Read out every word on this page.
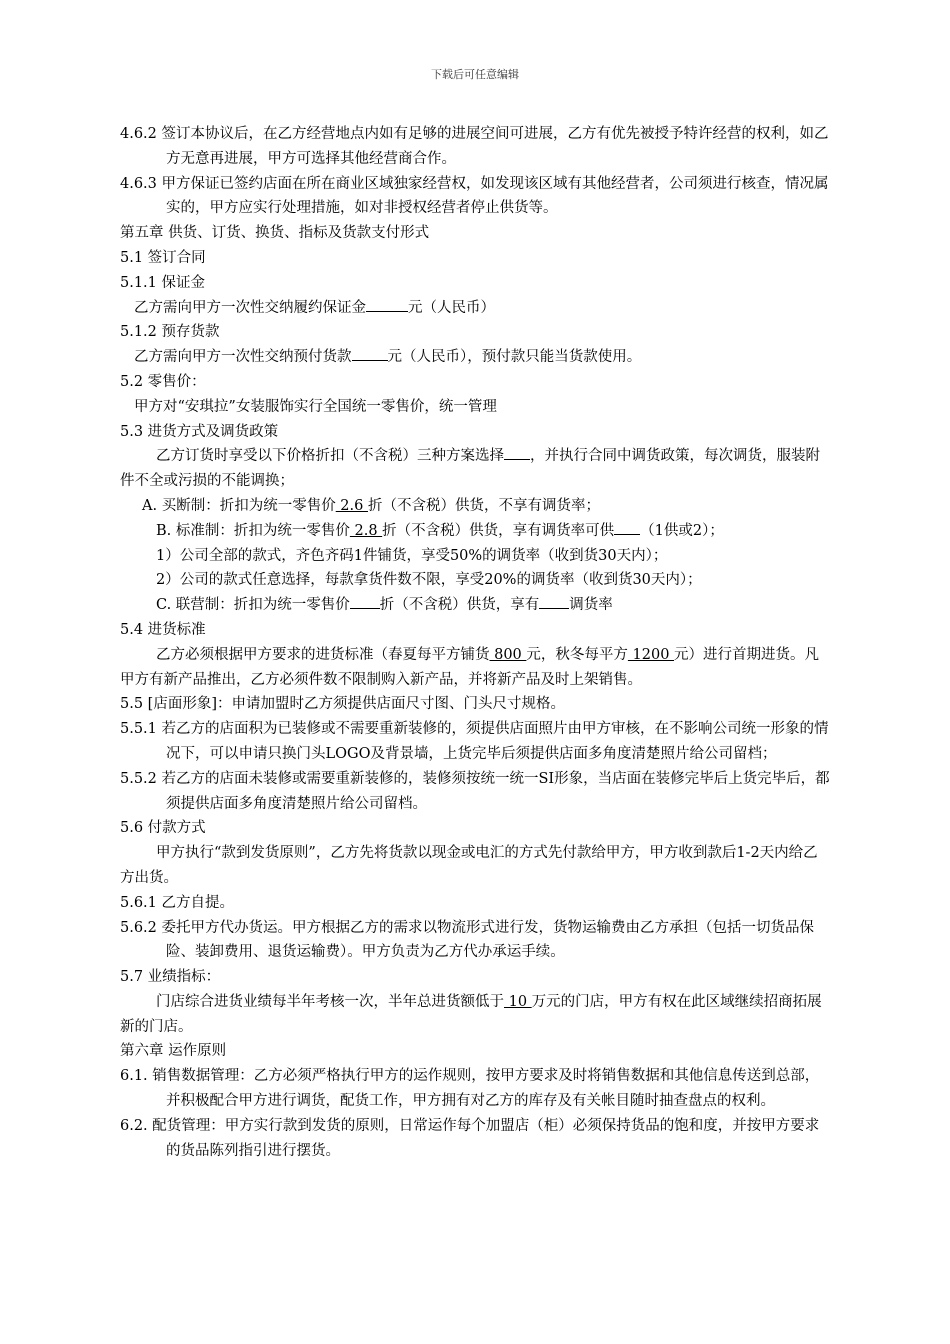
下载后可任意编辑

4.6.2 签订本协议后，在乙方经营地点内如有足够的进展空间可进展，乙方有优先被授予特许经营的权利，如乙方无意再进展，甲方可选择其他经营商合作。

4.6.3 甲方保证已签约店面在所在商业区域独家经营权，如发现该区域有其他经营者，公司须进行核查，情况属实的，甲方应实行处理措施，如对非授权经营者停止供货等。

第五章 供货、订货、换货、指标及货款支付形式

5.1 签订合同

5.1.1 保证金

乙方需向甲方一次性交纳履约保证金	元（人民币）

5.1.2 预存货款

乙方需向甲方一次性交纳预付货款 元（人民币），预付款只能当货款使用。

5.2 零售价：

甲方对“安琪拉”女装服饰实行全国统一零售价，统一管理

5.3 进货方式及调货政策

乙方订货时享受以下价格折扣（不含税）三种方案选择 ，并执行合同中调货政策，每次调货，服装附件不全或污损的不能调换；

A. 买断制：折扣为统一零售价 2.6 折（不含税）供货，不享有调货率；

B. 标准制：折扣为统一零售价 2.8 折（不含税）供货，享有调货率可供 （1供或2）；

1）公司全部的款式，齐色齐码1件铺货，享受50%的调货率（收到货30天内）；

2）公司的款式任意选择，每款拿货件数不限，享受20%的调货率（收到货30天内）；

C. 联营制：折扣为统一零售价 折（不含税）供货，享有 调货率

5.4 进货标准

乙方必须根据甲方要求的进货标准（春夏每平方铺货 800 元，秋冬每平方 1200 元）进行首期进货。凡甲方有新产品推出，乙方必须件数不限制购入新产品，并将新产品及时上架销售。

5.5 [店面形象]：申请加盟时乙方须提供店面尺寸图、门头尺寸规格。

5.5.1 若乙方的店面积为已装修或不需要重新装修的，须提供店面照片由甲方审核，在不影响公司统一形象的情况下，可以申请只换门头LOGO及背景墙，上货完毕后须提供店面多角度清楚照片给公司留档；

5.5.2 若乙方的店面未装修或需要重新装修的，装修须按统一统一SI形象，当店面在装修完毕后上货完毕后，都须提供店面多角度清楚照片给公司留档。

5.6 付款方式

甲方执行“款到发货原则”，乙方先将货款以现金或电汇的方式先付款给甲方，甲方收到款后1-2天内给乙方出货。

5.6.1 乙方自提。

5.6.2 委托甲方代办货运。甲方根据乙方的需求以物流形式进行发，货物运输费由乙方承担（包括一切货品保险、装卸费用、退货运输费）。甲方负责为乙方代办承运手续。

5.7 业绩指标：

门店综合进货业绩每半年考核一次，半年总进货额低于 10 万元的门店，甲方有权在此区域继续招商拓展新的门店。

第六章 运作原则

6.1. 销售数据管理：乙方必须严格执行甲方的运作规则，按甲方要求及时将销售数据和其他信息传送到总部，并积极配合甲方进行调货，配货工作，甲方拥有对乙方的库存及有关帐目随时抽查盘点的权利。

6.2. 配货管理：甲方实行款到发货的原则，日常运作每个加盟店（柜）必须保持货品的饱和度，并按甲方要求的货品陈列指引进行摆货。
